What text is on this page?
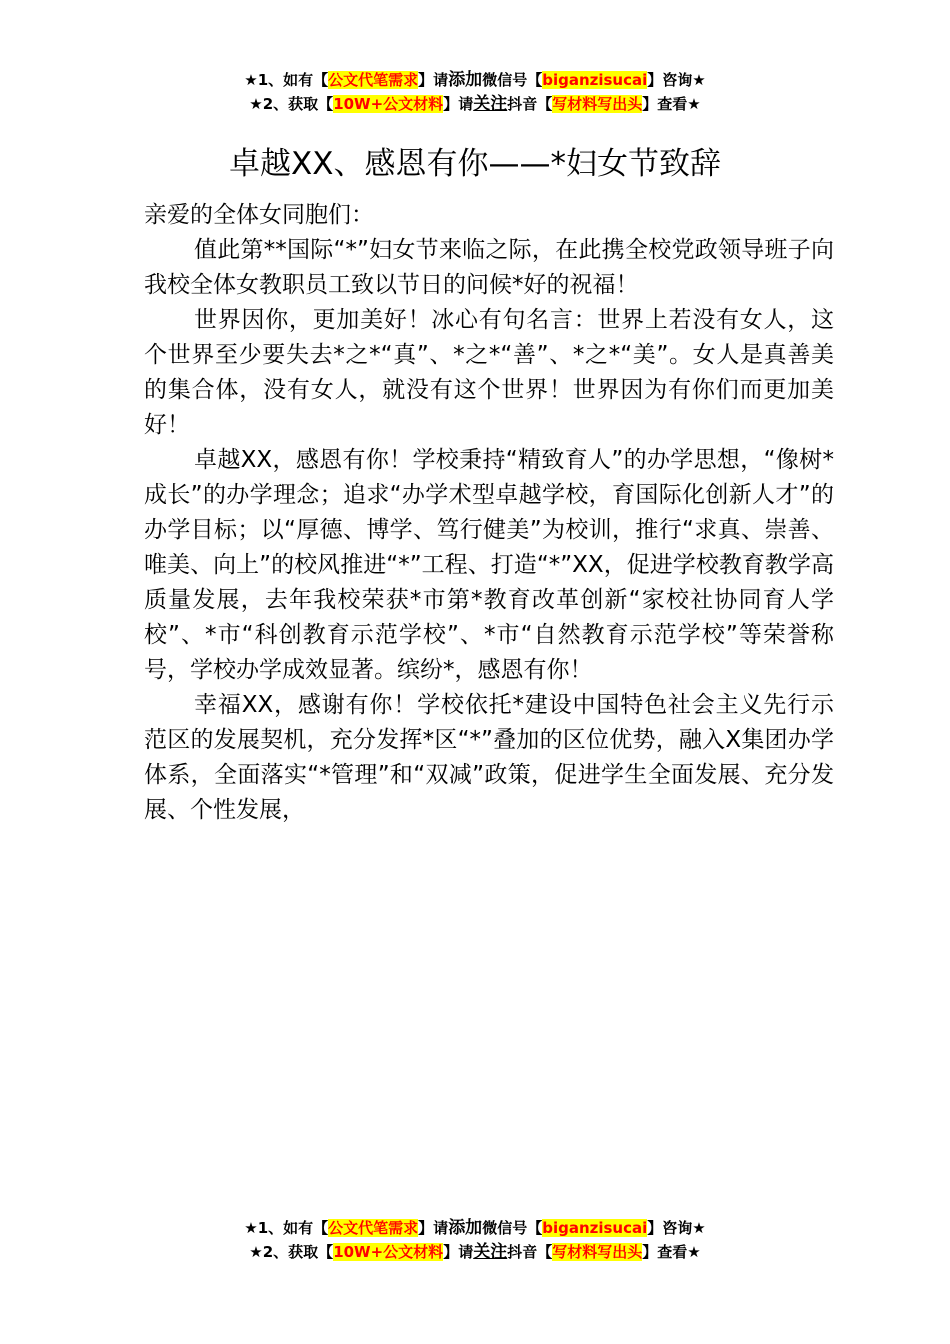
★1、如有【公文代笔需求】请添加微信号【biganzisucai】咨询★
★2、获取【10W+公文材料】请关注抖音【写材料写出头】查看★
卓越XX、感恩有你——*妇女节致辞

亲爱的全体女同胞们：

值此第**国际“*”妇女节来临之际，在此携全校党政领导班子向我校全体女教职员工致以节日的问候*好的祝福！

世界因你，更加美好！冰心有句名言：世界上若没有女人，这个世界至少要失去*之*“真”、*之*“善”、*之*“美”。女人是真善美的集合体，没有女人，就没有这个世界！世界因为有你们而更加美好！

卓越XX，感恩有你！学校秉持“精致育人”的办学思想，“像树*成长”的办学理念；追求“办学术型卓越学校，育国际化创新人才”的办学目标；以“厚德、博学、笃行健美”为校训，推行“求真、崇善、唯美、向上”的校风推进“*”工程、打造“*”XX，促进学校教育教学高质量发展，去年我校荣获*市第*教育改革创新“家校社协同育人学校”、*市“科创教育示范学校”、*市“自然教育示范学校”等荣誉称号，学校办学成效显著。缤纷*，感恩有你！

幸福XX，感谢有你！学校依托*建设中国特色社会主义先行示范区的发展契机，充分发挥*区“*”叠加的区位优势，融入X集团办学体系，全面落实“*管理”和“双减”政策，促进学生全面发展、充分发展、个性发展，

★1、如有【公文代笔需求】请添加微信号【biganzisucai】咨询★
★2、获取【10W+公文材料】请关注抖音【写材料写出头】查看★
